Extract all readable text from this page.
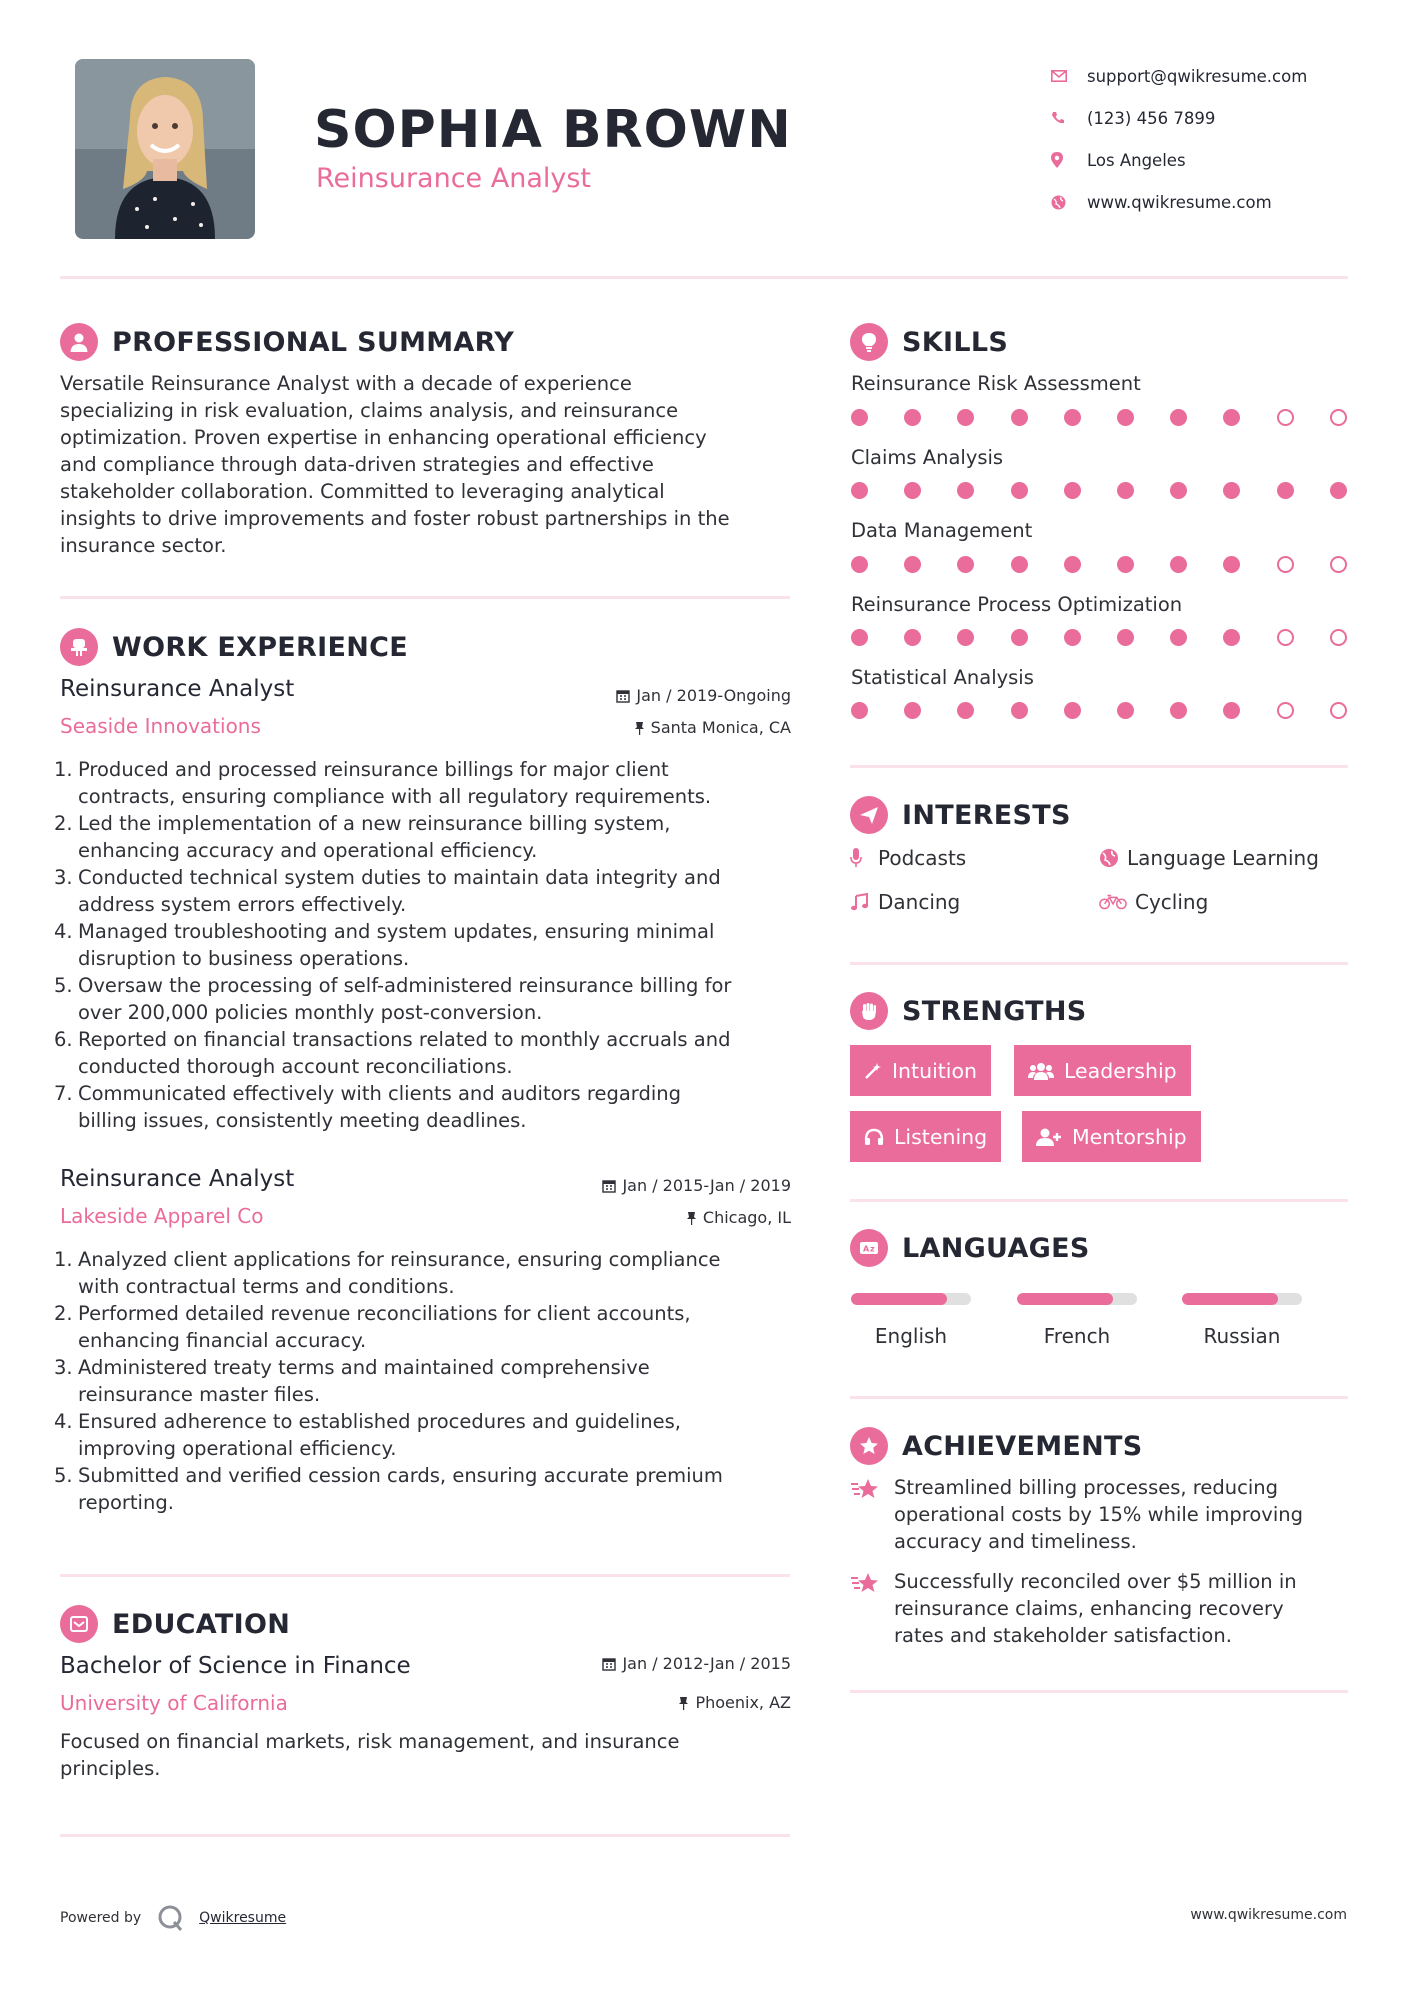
SOPHIA BROWN
Reinsurance Analyst
support@qwikresume.com
(123) 456 7899
Los Angeles
www.qwikresume.com
PROFESSIONAL SUMMARY
Versatile Reinsurance Analyst with a decade of experience
specializing in risk evaluation, claims analysis, and reinsurance
optimization. Proven expertise in enhancing operational efficiency
and compliance through data-driven strategies and effective
stakeholder collaboration. Committed to leveraging analytical
insights to drive improvements and foster robust partnerships in the
insurance sector.
WORK EXPERIENCE
Reinsurance Analyst
Seaside Innovations
Jan / 2019-Ongoing
Santa Monica, CA
1. Produced and processed reinsurance billings for major client
contracts, ensuring compliance with all regulatory requirements.
2. Led the implementation of a new reinsurance billing system,
enhancing accuracy and operational efficiency.
3. Conducted technical system duties to maintain data integrity and
address system errors effectively.
4. Managed troubleshooting and system updates, ensuring minimal
disruption to business operations.
5. Oversaw the processing of self-administered reinsurance billing for
over 200,000 policies monthly post-conversion.
6. Reported on financial transactions related to monthly accruals and
conducted thorough account reconciliations.
7. Communicated effectively with clients and auditors regarding
billing issues, consistently meeting deadlines.
Reinsurance Analyst
Lakeside Apparel Co
Jan / 2015-Jan / 2019
Chicago, IL
1. Analyzed client applications for reinsurance, ensuring compliance
with contractual terms and conditions.
2. Performed detailed revenue reconciliations for client accounts,
enhancing financial accuracy.
3. Administered treaty terms and maintained comprehensive
reinsurance master files.
4. Ensured adherence to established procedures and guidelines,
improving operational efficiency.
5. Submitted and verified cession cards, ensuring accurate premium
reporting.
EDUCATION
Bachelor of Science in Finance
University of California
Jan / 2012-Jan / 2015
Phoenix, AZ
Focused on financial markets, risk management, and insurance
principles.
SKILLS
Reinsurance Risk Assessment
Claims Analysis
Data Management
Reinsurance Process Optimization
Statistical Analysis
INTERESTS
Podcasts	Language Learning
Dancing	Cycling
STRENGTHS
Intuition	Leadership
Listening	Mentorship
A z LANGUAGES
English	French	Russian
ACHIEVEMENTS
Streamlined billing processes, reducing
operational costs by 15% while improving
accuracy and timeliness.
Successfully reconciled over $5 million in
reinsurance claims, enhancing recovery
rates and stakeholder satisfaction.
Powered by	Qwikresume	www.qwikresume.com
